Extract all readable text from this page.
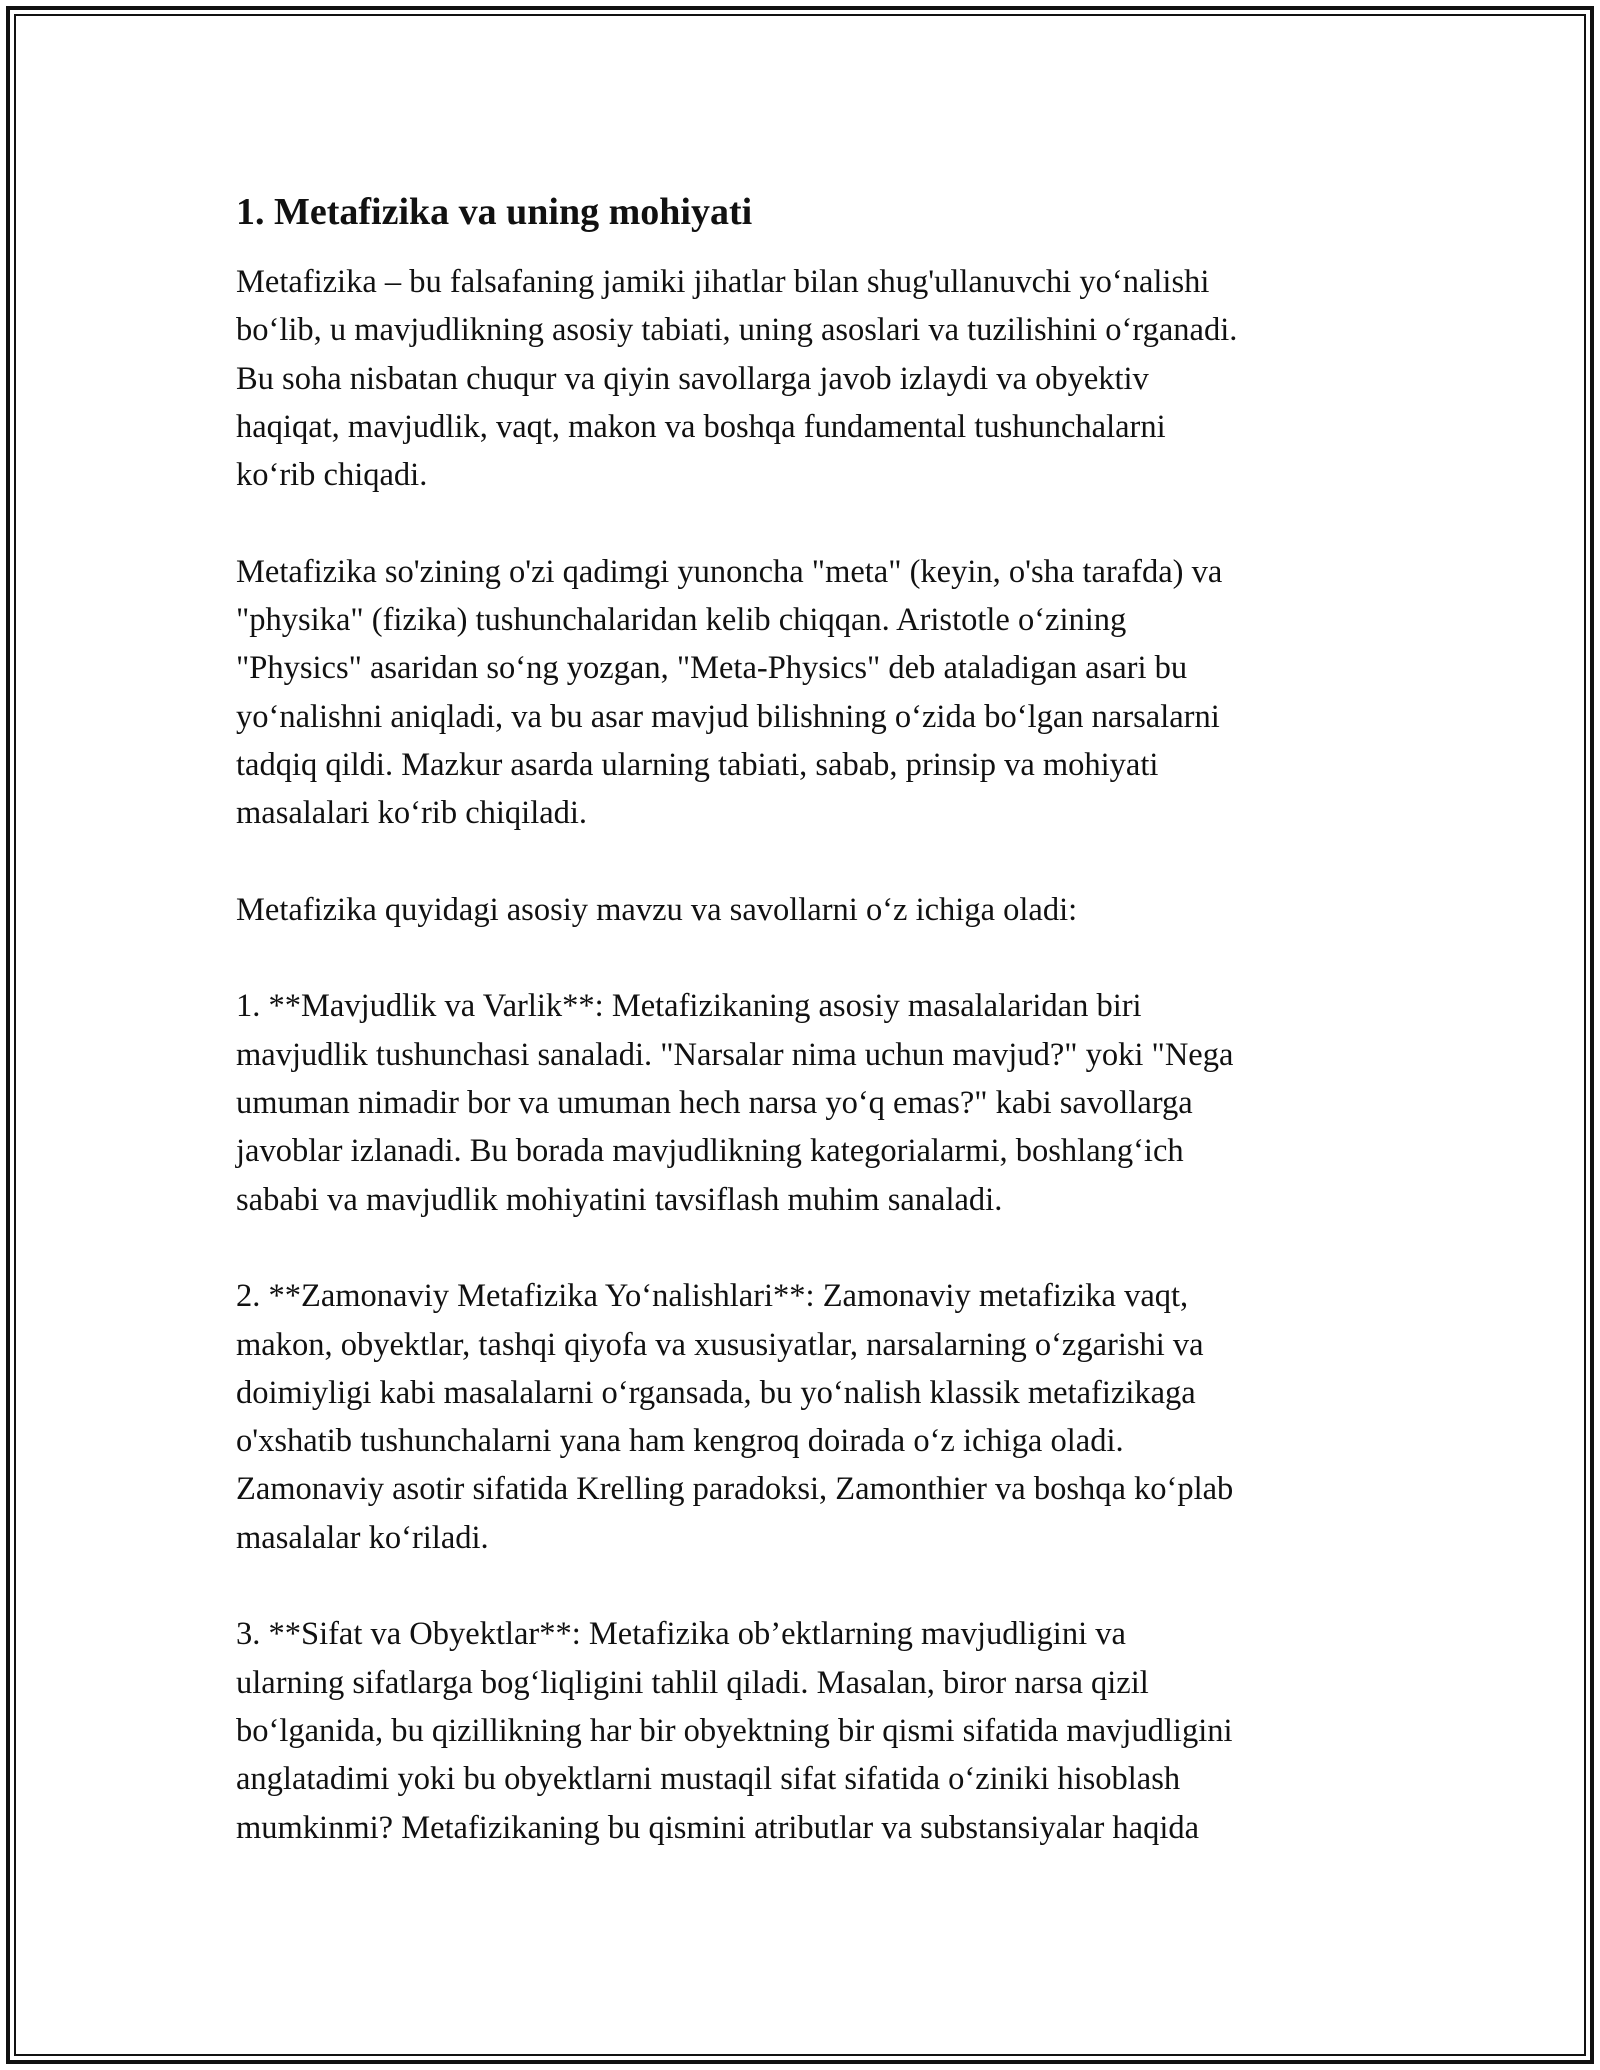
1. Metafizika va uning mohiyati

Metafizika – bu falsafaning jamiki jihatlar bilan shug'ullanuvchi yo‘nalishi
bo‘lib, u mavjudlikning asosiy tabiati, uning asoslari va tuzilishini o‘rganadi.
Bu soha nisbatan chuqur va qiyin savollarga javob izlaydi va obyektiv
haqiqat, mavjudlik, vaqt, makon va boshqa fundamental tushunchalarni
ko‘rib chiqadi.

Metafizika so'zining o'zi qadimgi yunoncha "meta" (keyin, o'sha tarafda) va
"physika" (fizika) tushunchalaridan kelib chiqqan. Aristotle o‘zining
"Physics" asaridan so‘ng yozgan, "Meta-Physics" deb ataladigan asari bu
yo‘nalishni aniqladi, va bu asar mavjud bilishning o‘zida bo‘lgan narsalarni
tadqiq qildi. Mazkur asarda ularning tabiati, sabab, prinsip va mohiyati
masalalari ko‘rib chiqiladi.

Metafizika quyidagi asosiy mavzu va savollarni o‘z ichiga oladi:

1. **Mavjudlik va Varlik**: Metafizikaning asosiy masalalaridan biri
mavjudlik tushunchasi sanaladi. "Narsalar nima uchun mavjud?" yoki "Nega
umuman nimadir bor va umuman hech narsa yo‘q emas?" kabi savollarga
javoblar izlanadi. Bu borada mavjudlikning kategorialarmi, boshlang‘ich
sababi va mavjudlik mohiyatini tavsiflash muhim sanaladi.

2. **Zamonaviy Metafizika Yo‘nalishlari**: Zamonaviy metafizika vaqt,
makon, obyektlar, tashqi qiyofa va xususiyatlar, narsalarning o‘zgarishi va
doimiyligi kabi masalalarni o‘rgansada, bu yo‘nalish klassik metafizikaga
o'xshatib tushunchalarni yana ham kengroq doirada o‘z ichiga oladi.
Zamonaviy asotir sifatida Krelling paradoksi, Zamonthier va boshqa ko‘plab
masalalar ko‘riladi.

3. **Sifat va Obyektlar**: Metafizika ob’ektlarning mavjudligini va
ularning sifatlarga bog‘liqligini tahlil qiladi. Masalan, biror narsa qizil
bo‘lganida, bu qizillikning har bir obyektning bir qismi sifatida mavjudligini
anglatadimi yoki bu obyektlarni mustaqil sifat sifatida o‘ziniki hisoblash
mumkinmi? Metafizikaning bu qismini atributlar va substansiyalar haqida
